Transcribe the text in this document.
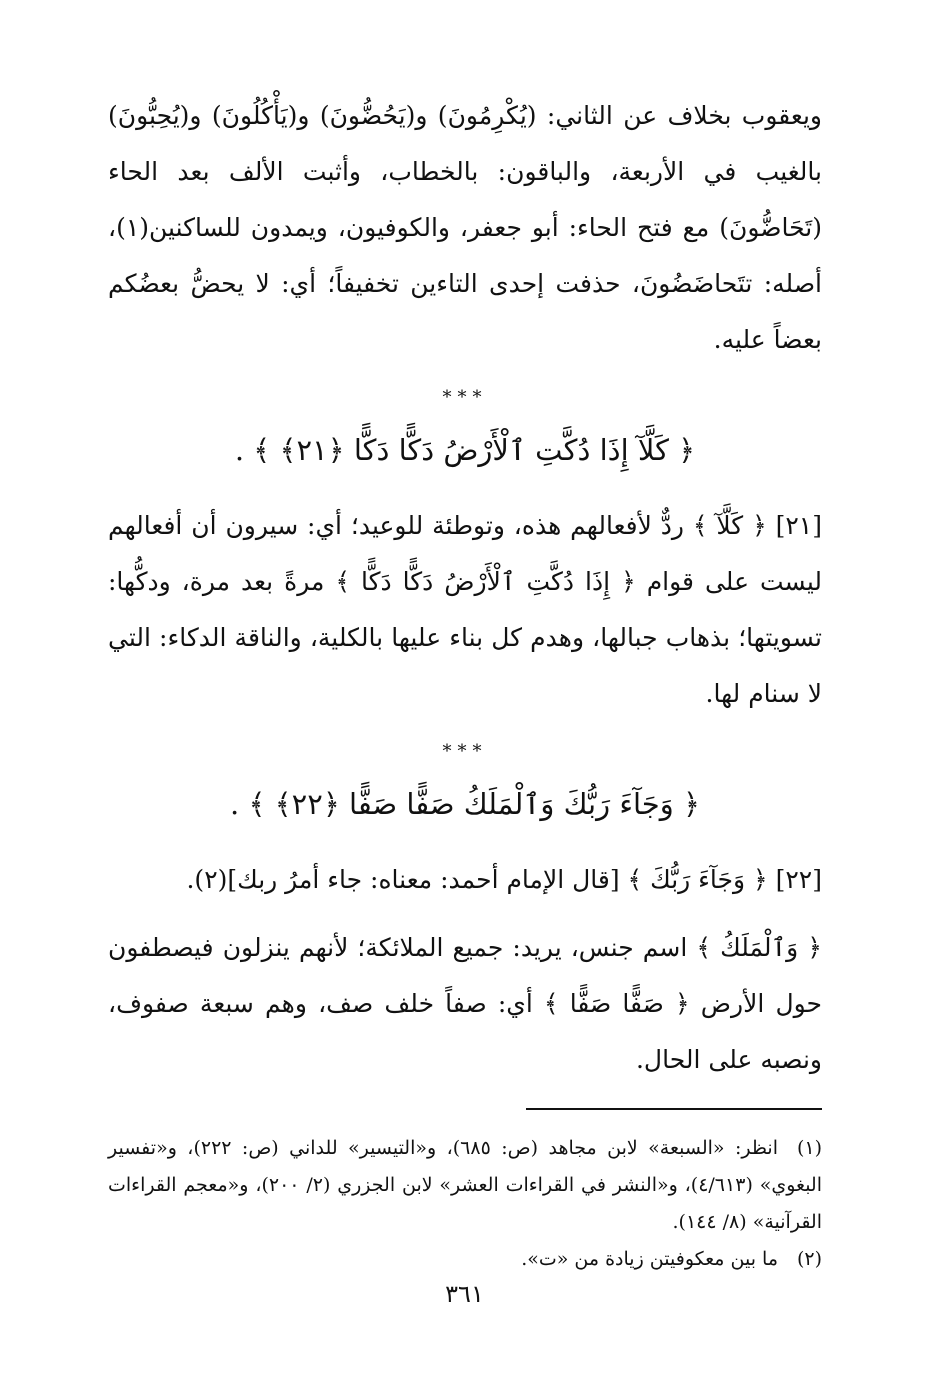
ويعقوب بخلاف عن الثاني: (يُكْرِمُونَ) و(يَحُضُّونَ) و(يَأْكُلُونَ) و(يُحِبُّونَ) بالغيب في الأربعة، والباقون: بالخطاب، وأثبت الألف بعد الحاء (تَحَاضُّونَ) مع فتح الحاء: أبو جعفر، والكوفيون، ويمدون للساكنين(١)، أصله: تتَحاضَضُونَ، حذفت إحدى التاءين تخفيفاً؛ أي: لا يحضُّ بعضُكم بعضاً عليه.

***
﴿ كَلَّآ إِذَا دُكَّتِ ٱلْأَرْضُ دَكًّا دَكًّا ﴿٢١﴾ ﴾ .

[٢١] ﴿ كَلَّآ ﴾ ردٌّ لأفعالهم هذه، وتوطئة للوعيد؛ أي: سيرون أن أفعالهم ليست على قوام ﴿ إِذَا دُكَّتِ ٱلْأَرْضُ دَكًّا دَكًّا ﴾ مرةً بعد مرة، ودكُّها: تسويتها؛ بذهاب جبالها، وهدم كل بناء عليها بالكلية، والناقة الدكاء: التي لا سنام لها.

***
﴿ وَجَآءَ رَبُّكَ وَٱلْمَلَكُ صَفًّا صَفًّا ﴿٢٢﴾ ﴾ .

[٢٢] ﴿ وَجَآءَ رَبُّكَ ﴾ [قال الإمام أحمد: معناه: جاء أمرُ ربك](٢).

﴿ وَٱلْمَلَكُ ﴾ اسم جنس، يريد: جميع الملائكة؛ لأنهم ينزلون فيصطفون حول الأرض ﴿ صَفًّا صَفًّا ﴾ أي: صفاً خلف صف، وهم سبعة صفوف، ونصبه على الحال.

(١)انظر: «السبعة» لابن مجاهد (ص: ٦٨٥)، و«التيسير» للداني (ص: ٢٢٢)، و«تفسير البغوي» (٤/٦١٣)، و«النشر في القراءات العشر» لابن الجزري (٢/ ٢٠٠)، و«معجم القراءات القرآنية» (٨/ ١٤٤).

(٢)ما بين معكوفيتن زيادة من «ت».

٣٦١
